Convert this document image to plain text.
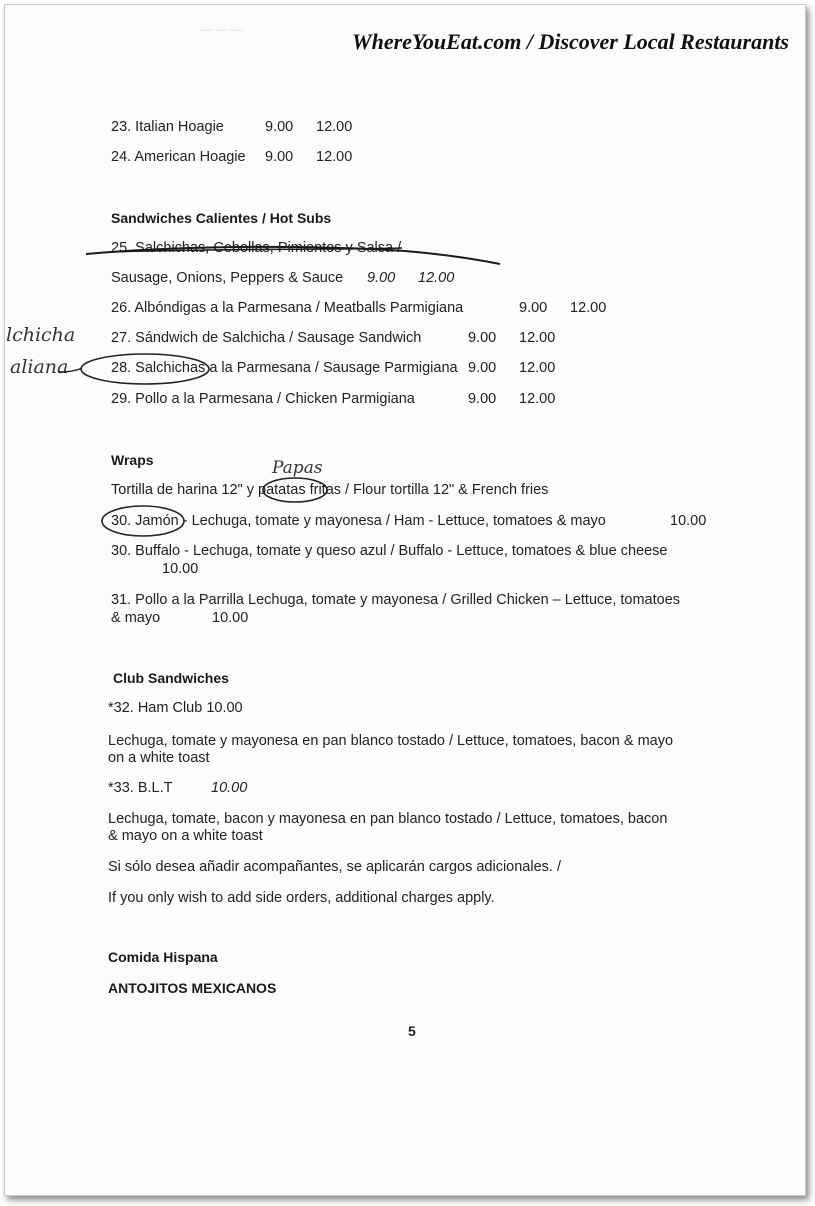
WhereYouEat.com / Discover Local Restaurants
— — —
23. Italian Hoagie	9.00 12.00
24. American Hoagie 9.00 12.00
Sandwiches Calientes / Hot Subs
25. Salchichas, Cebollas, Pimientos y Salsa /
Sausage, Onions, Peppers & Sauce 9.00 12.00
26. Albóndigas a la Parmesana / Meatballs Parmigiana	9.00 12.00
27. Sándwich de Salchicha / Sausage Sandwich	9.00 12.00
28. Salchichas a la Parmesana / Sausage Parmigiana 9.00 12.00
29. Pollo a la Parmesana / Chicken Parmigiana	9.00 12.00
lchicha
aliana
Papas
Wraps
Tortilla de harina 12" y patatas fritas / Flour tortilla 12" & French fries
30. Jamón - Lechuga, tomate y mayonesa / Ham - Lettuce, tomatoes & mayo	10.00
30. Buffalo - Lechuga, tomate y queso azul / Buffalo - Lettuce, tomatoes & blue cheese
10.00
31. Pollo a la Parrilla Lechuga, tomate y mayonesa / Grilled Chicken – Lettuce, tomatoes
& mayo	10.00
Club Sandwiches
*32. Ham Club 10.00
Lechuga, tomate y mayonesa en pan blanco tostado / Lettuce, tomatoes, bacon & mayo
on a white toast
*33. B.L.T	10.00
Lechuga, tomate, bacon y mayonesa en pan blanco tostado / Lettuce, tomatoes, bacon
& mayo on a white toast
Si sólo desea añadir acompañantes, se aplicarán cargos adicionales. /
If you only wish to add side orders, additional charges apply.
Comida Hispana
ANTOJITOS MEXICANOS
5
